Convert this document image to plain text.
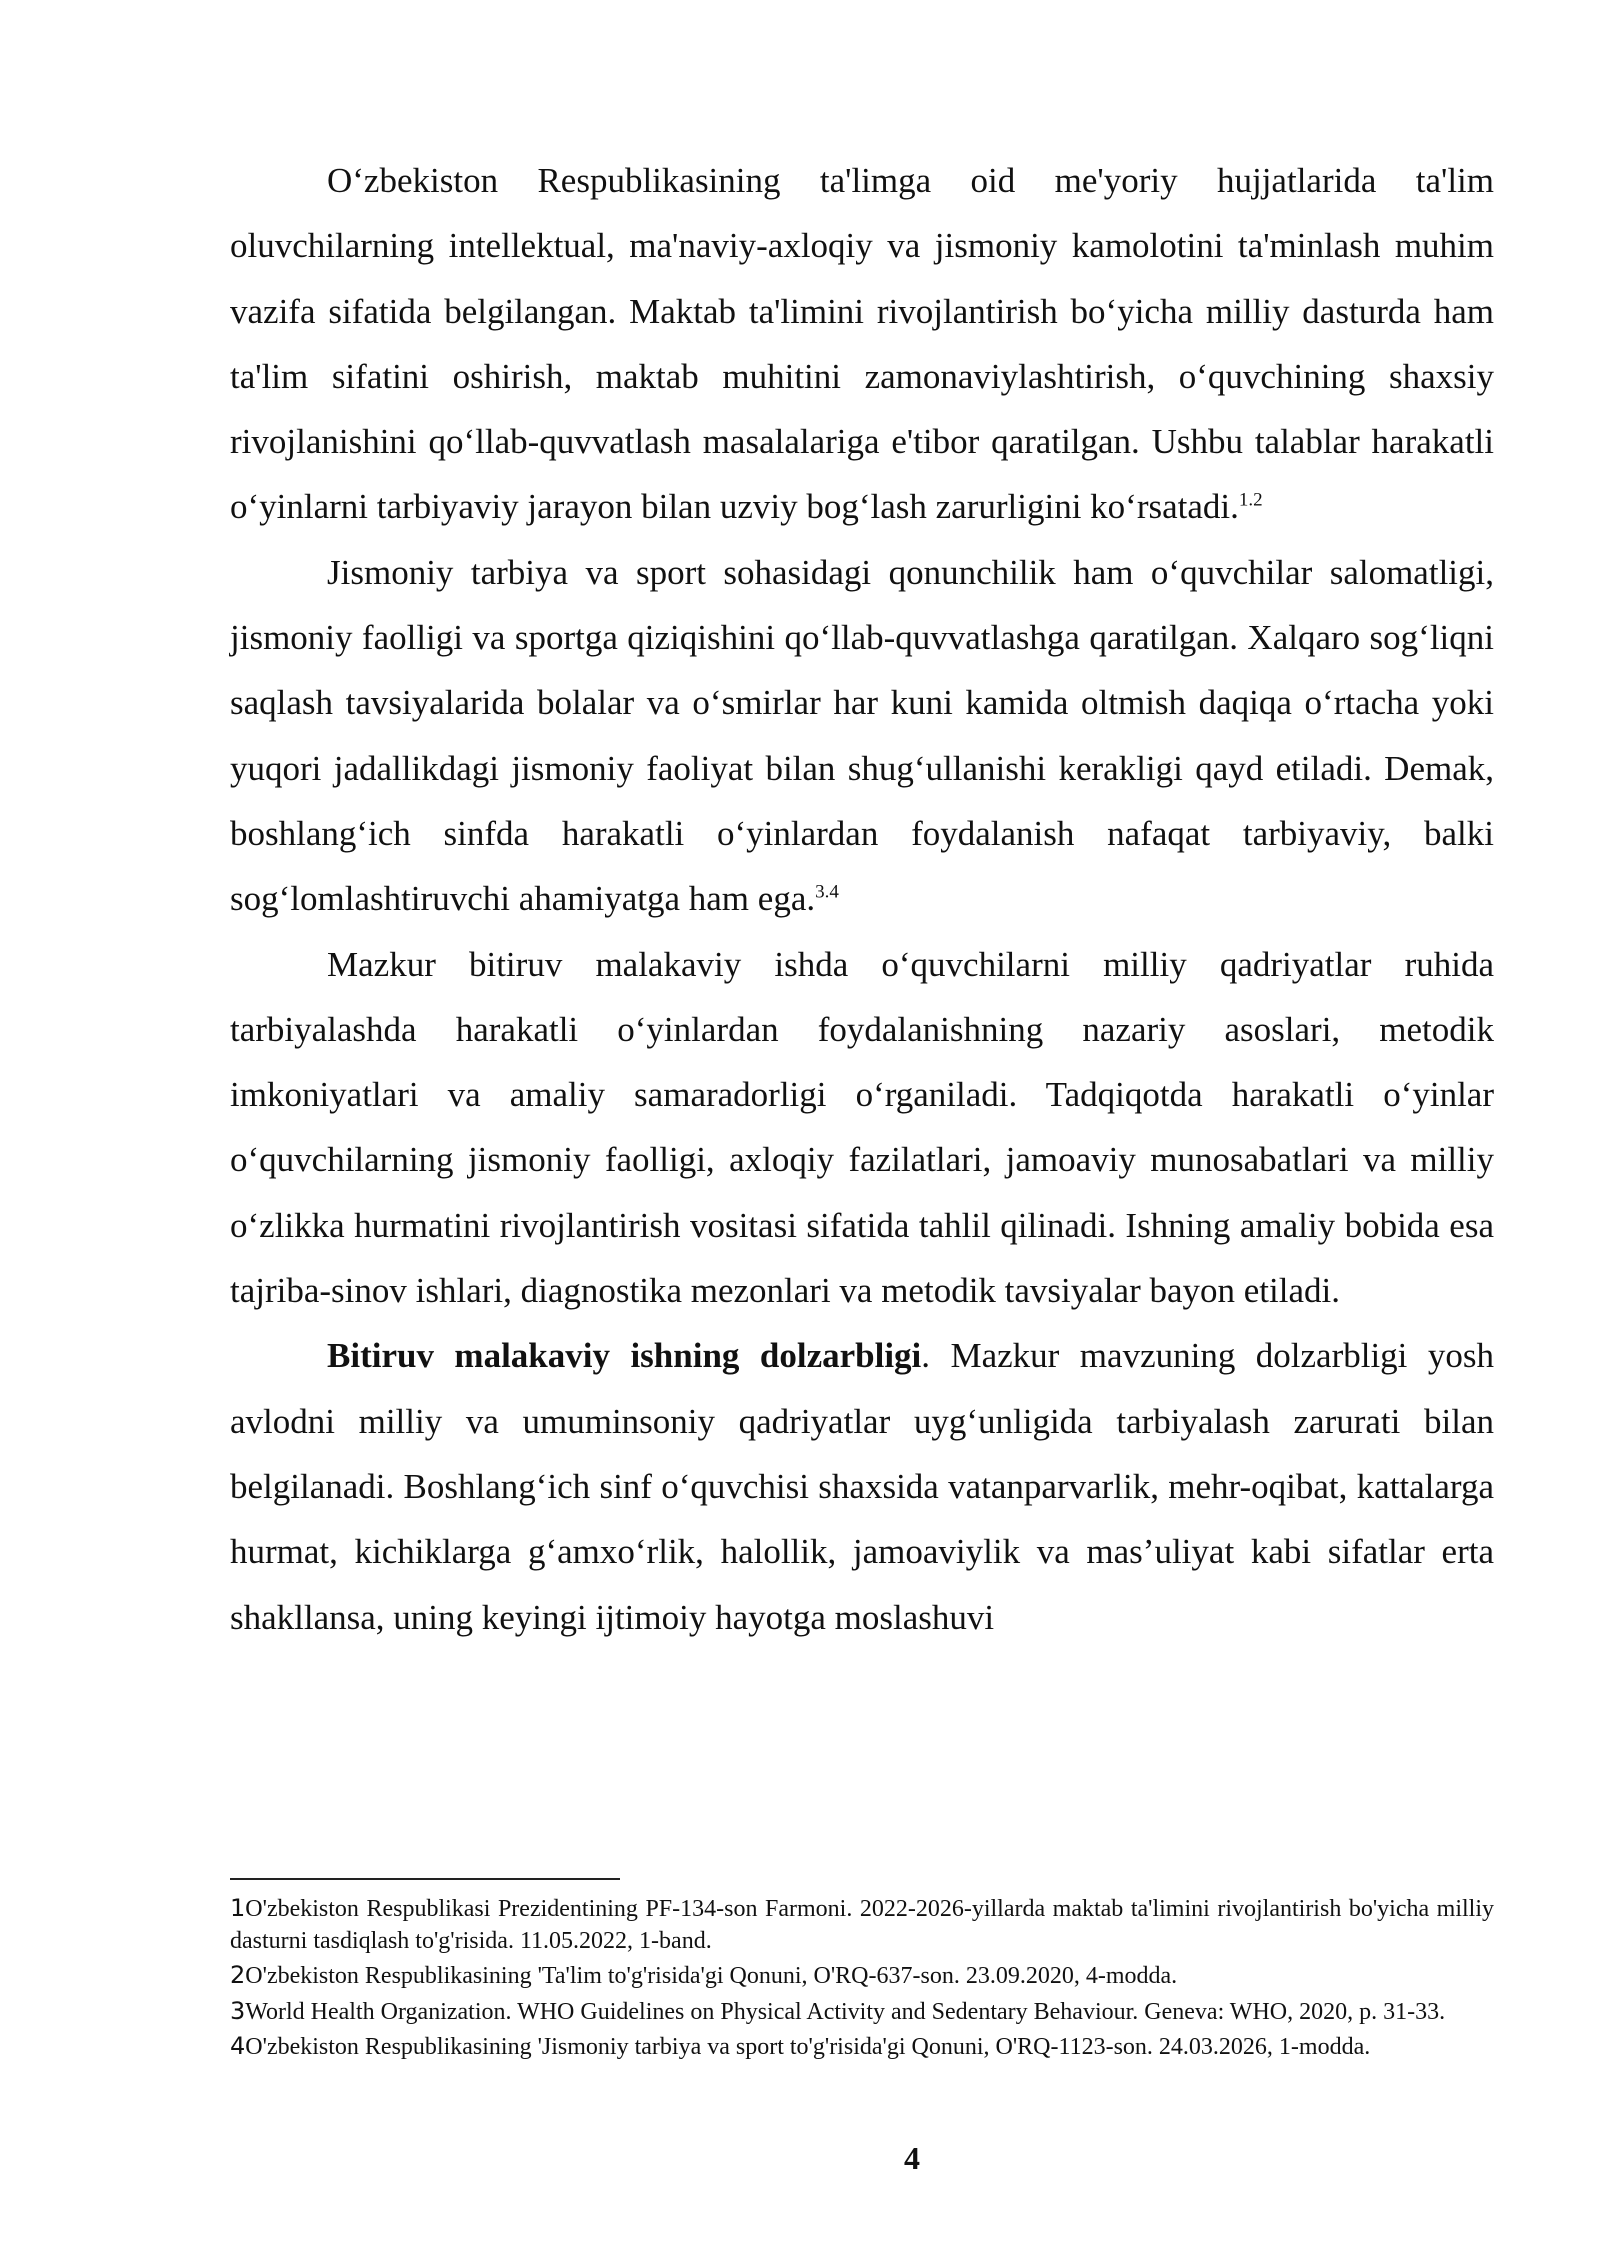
O‘zbekiston Respublikasining ta'limga oid me'yoriy hujjatlarida ta'lim oluvchilarning intellektual, ma'naviy-axloqiy va jismoniy kamolotini ta'minlash muhim vazifa sifatida belgilangan. Maktab ta'limini rivojlantirish bo‘yicha milliy dasturda ham ta'lim sifatini oshirish, maktab muhitini zamonaviylashtirish, o‘quvchining shaxsiy rivojlanishini qo‘llab-quvvatlash masalalariga e'tibor qaratilgan. Ushbu talablar harakatli o‘yinlarni tarbiyaviy jarayon bilan uzviy bog‘lash zarurligini ko‘rsatadi.$^{1.2}$

Jismoniy tarbiya va sport sohasidagi qonunchilik ham o‘quvchilar salomatligi, jismoniy faolligi va sportga qiziqishini qo‘llab-quvvatlashga qaratilgan. Xalqaro sog‘liqni saqlash tavsiyalarida bolalar va o‘smirlar har kuni kamida oltmish daqiqa o‘rtacha yoki yuqori jadallikdagi jismoniy faoliyat bilan shug‘ullanishi kerakligi qayd etiladi. Demak, boshlang‘ich sinfda harakatli o‘yinlardan foydalanish nafaqat tarbiyaviy, balki sog‘lomlashtiruvchi ahamiyatga ham ega.$^{3.4}$

Mazkur bitiruv malakaviy ishda o‘quvchilarni milliy qadriyatlar ruhida tarbiyalashda harakatli o‘yinlardan foydalanishning nazariy asoslari, metodik imkoniyatlari va amaliy samaradorligi o‘rganiladi. Tadqiqotda harakatli o‘yinlar o‘quvchilarning jismoniy faolligi, axloqiy fazilatlari, jamoaviy munosabatlari va milliy o‘zlikka hurmatini rivojlantirish vositasi sifatida tahlil qilinadi. Ishning amaliy bobida esa tajriba-sinov ishlari, diagnostika mezonlari va metodik tavsiyalar bayon etiladi.

Bitiruv malakaviy ishning dolzarbligi. Mazkur mavzuning dolzarbligi yosh avlodni milliy va umuminsoniy qadriyatlar uyg‘unligida tarbiyalash zarurati bilan belgilanadi. Boshlang‘ich sinf o‘quvchisi shaxsida vatanparvarlik, mehr-oqibat, kattalarga hurmat, kichiklarga g‘amxo‘rlik, halollik, jamoaviylik va mas’uliyat kabi sifatlar erta shakllansa, uning keyingi ijtimoiy hayotga moslashuvi

1O'zbekiston Respublikasi Prezidentining PF-134-son Farmoni. 2022-2026-yillarda maktab ta'limini rivojlantirish bo'yicha milliy dasturni tasdiqlash to'g'risida. 11.05.2022, 1-band.

2O'zbekiston Respublikasining 'Ta'lim to'g'risida'gi Qonuni, O'RQ-637-son. 23.09.2020, 4-modda.

3World Health Organization. WHO Guidelines on Physical Activity and Sedentary Behaviour. Geneva: WHO, 2020, p. 31-33.

4O'zbekiston Respublikasining 'Jismoniy tarbiya va sport to'g'risida'gi Qonuni, O'RQ-1123-son. 24.03.2026, 1-modda.

4
